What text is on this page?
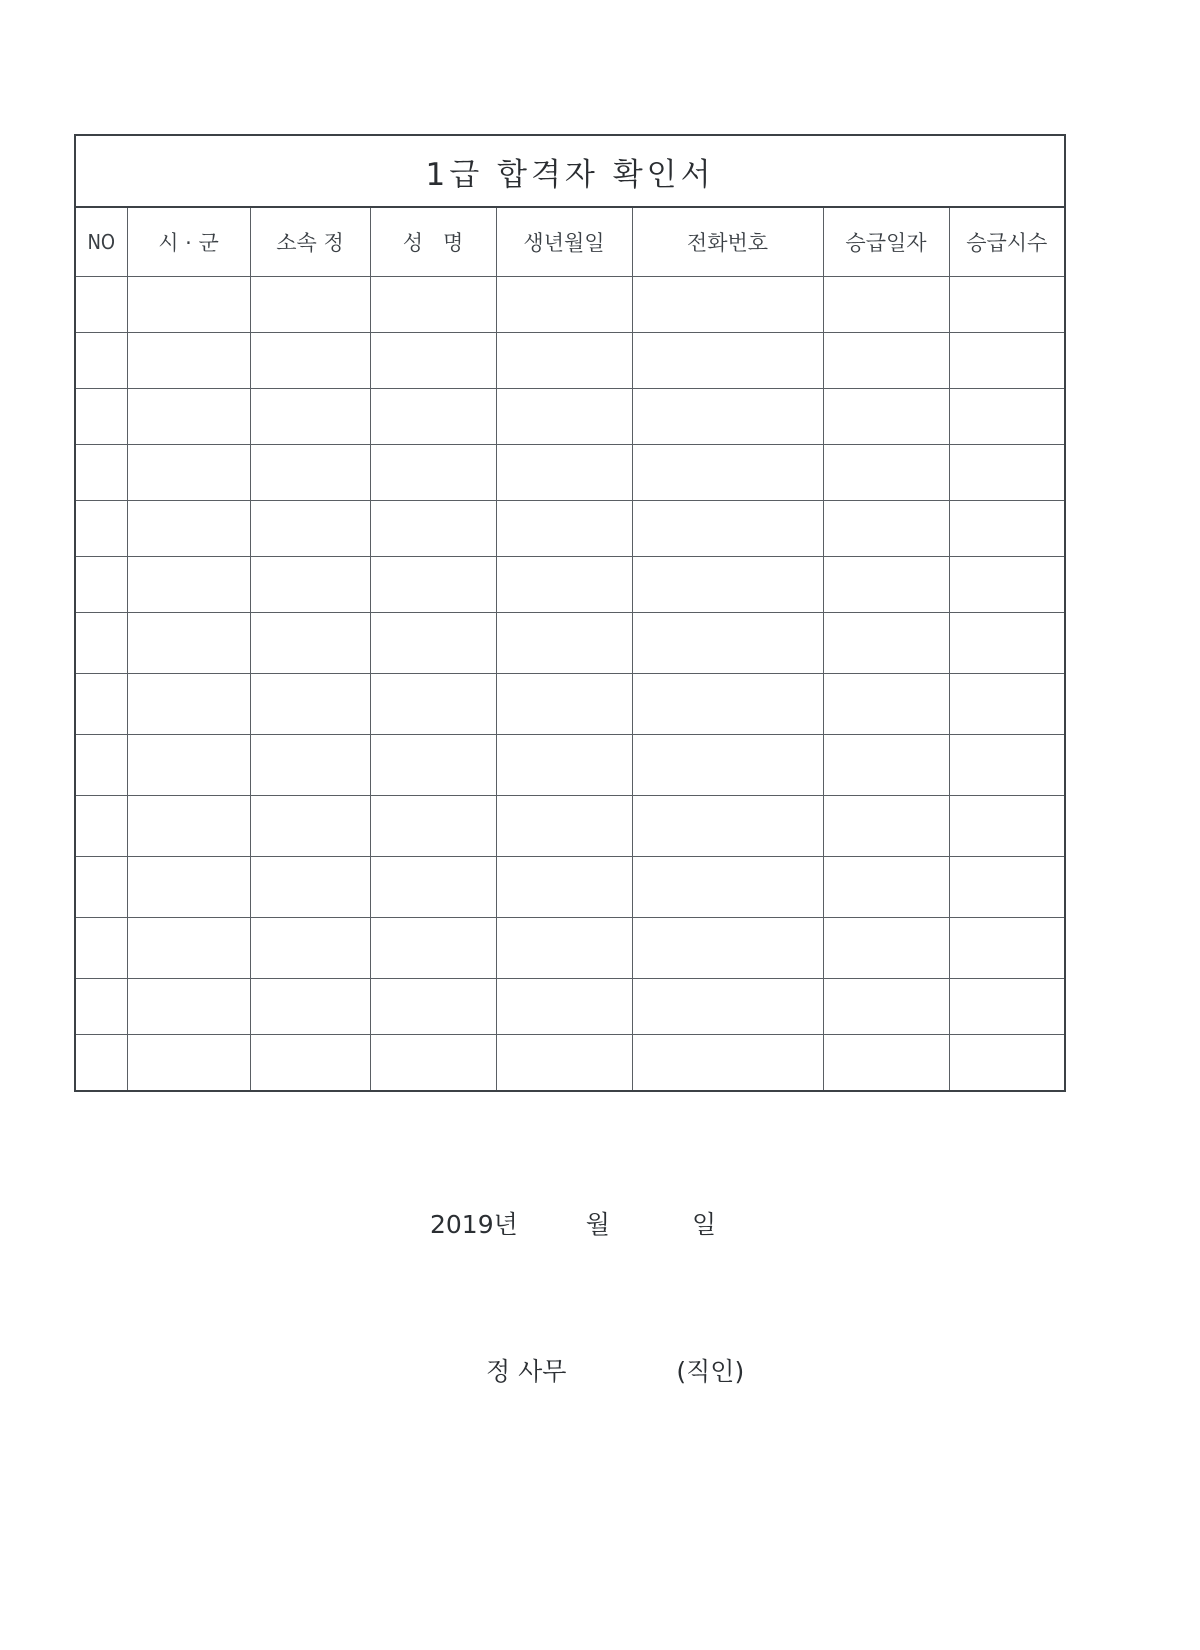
1급 합격자 확인서							
NO	시 · 군	소속 정	성   명	생년월일	전화번호	승급일자	승급시수

2019년	월	일
정 사무	(직인)
